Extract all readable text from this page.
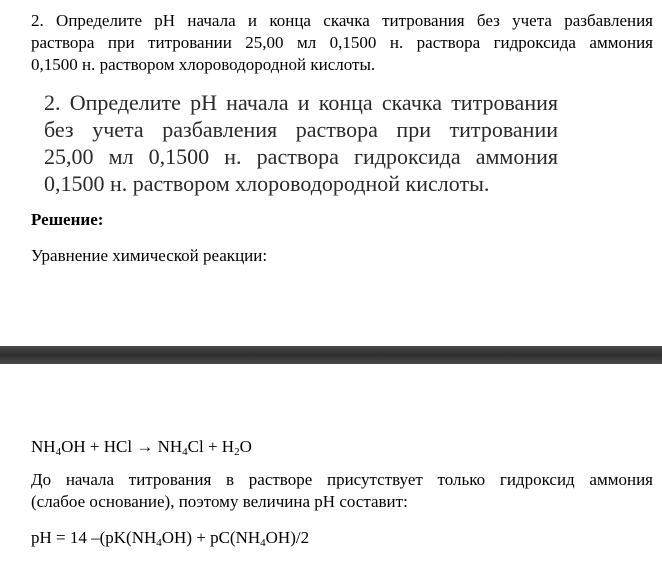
2. Определите pH начала и конца скачка титрования без учета разбавления
раствора при титровании 25,00 мл 0,1500 н. раствора гидроксида аммония
0,1500 н. раствором хлороводородной кислоты.
2. Определите pH начала и конца скачка титрования
без учета разбавления раствора при титровании
25,00 мл 0,1500 н. раствора гидроксида аммония
0,1500 н. раствором хлороводородной кислоты.

Решение:

Уравнение химической реакции:

$NH_4OH$ + HCl → $NH_4Cl + H_2O$

До начала титрования в растворе присутствует только гидроксид аммония
(слабое основание), поэтому величина pH составит:

pH = 14 $-(pK(NH_4OH) + pC(NH_4OH)/2$
